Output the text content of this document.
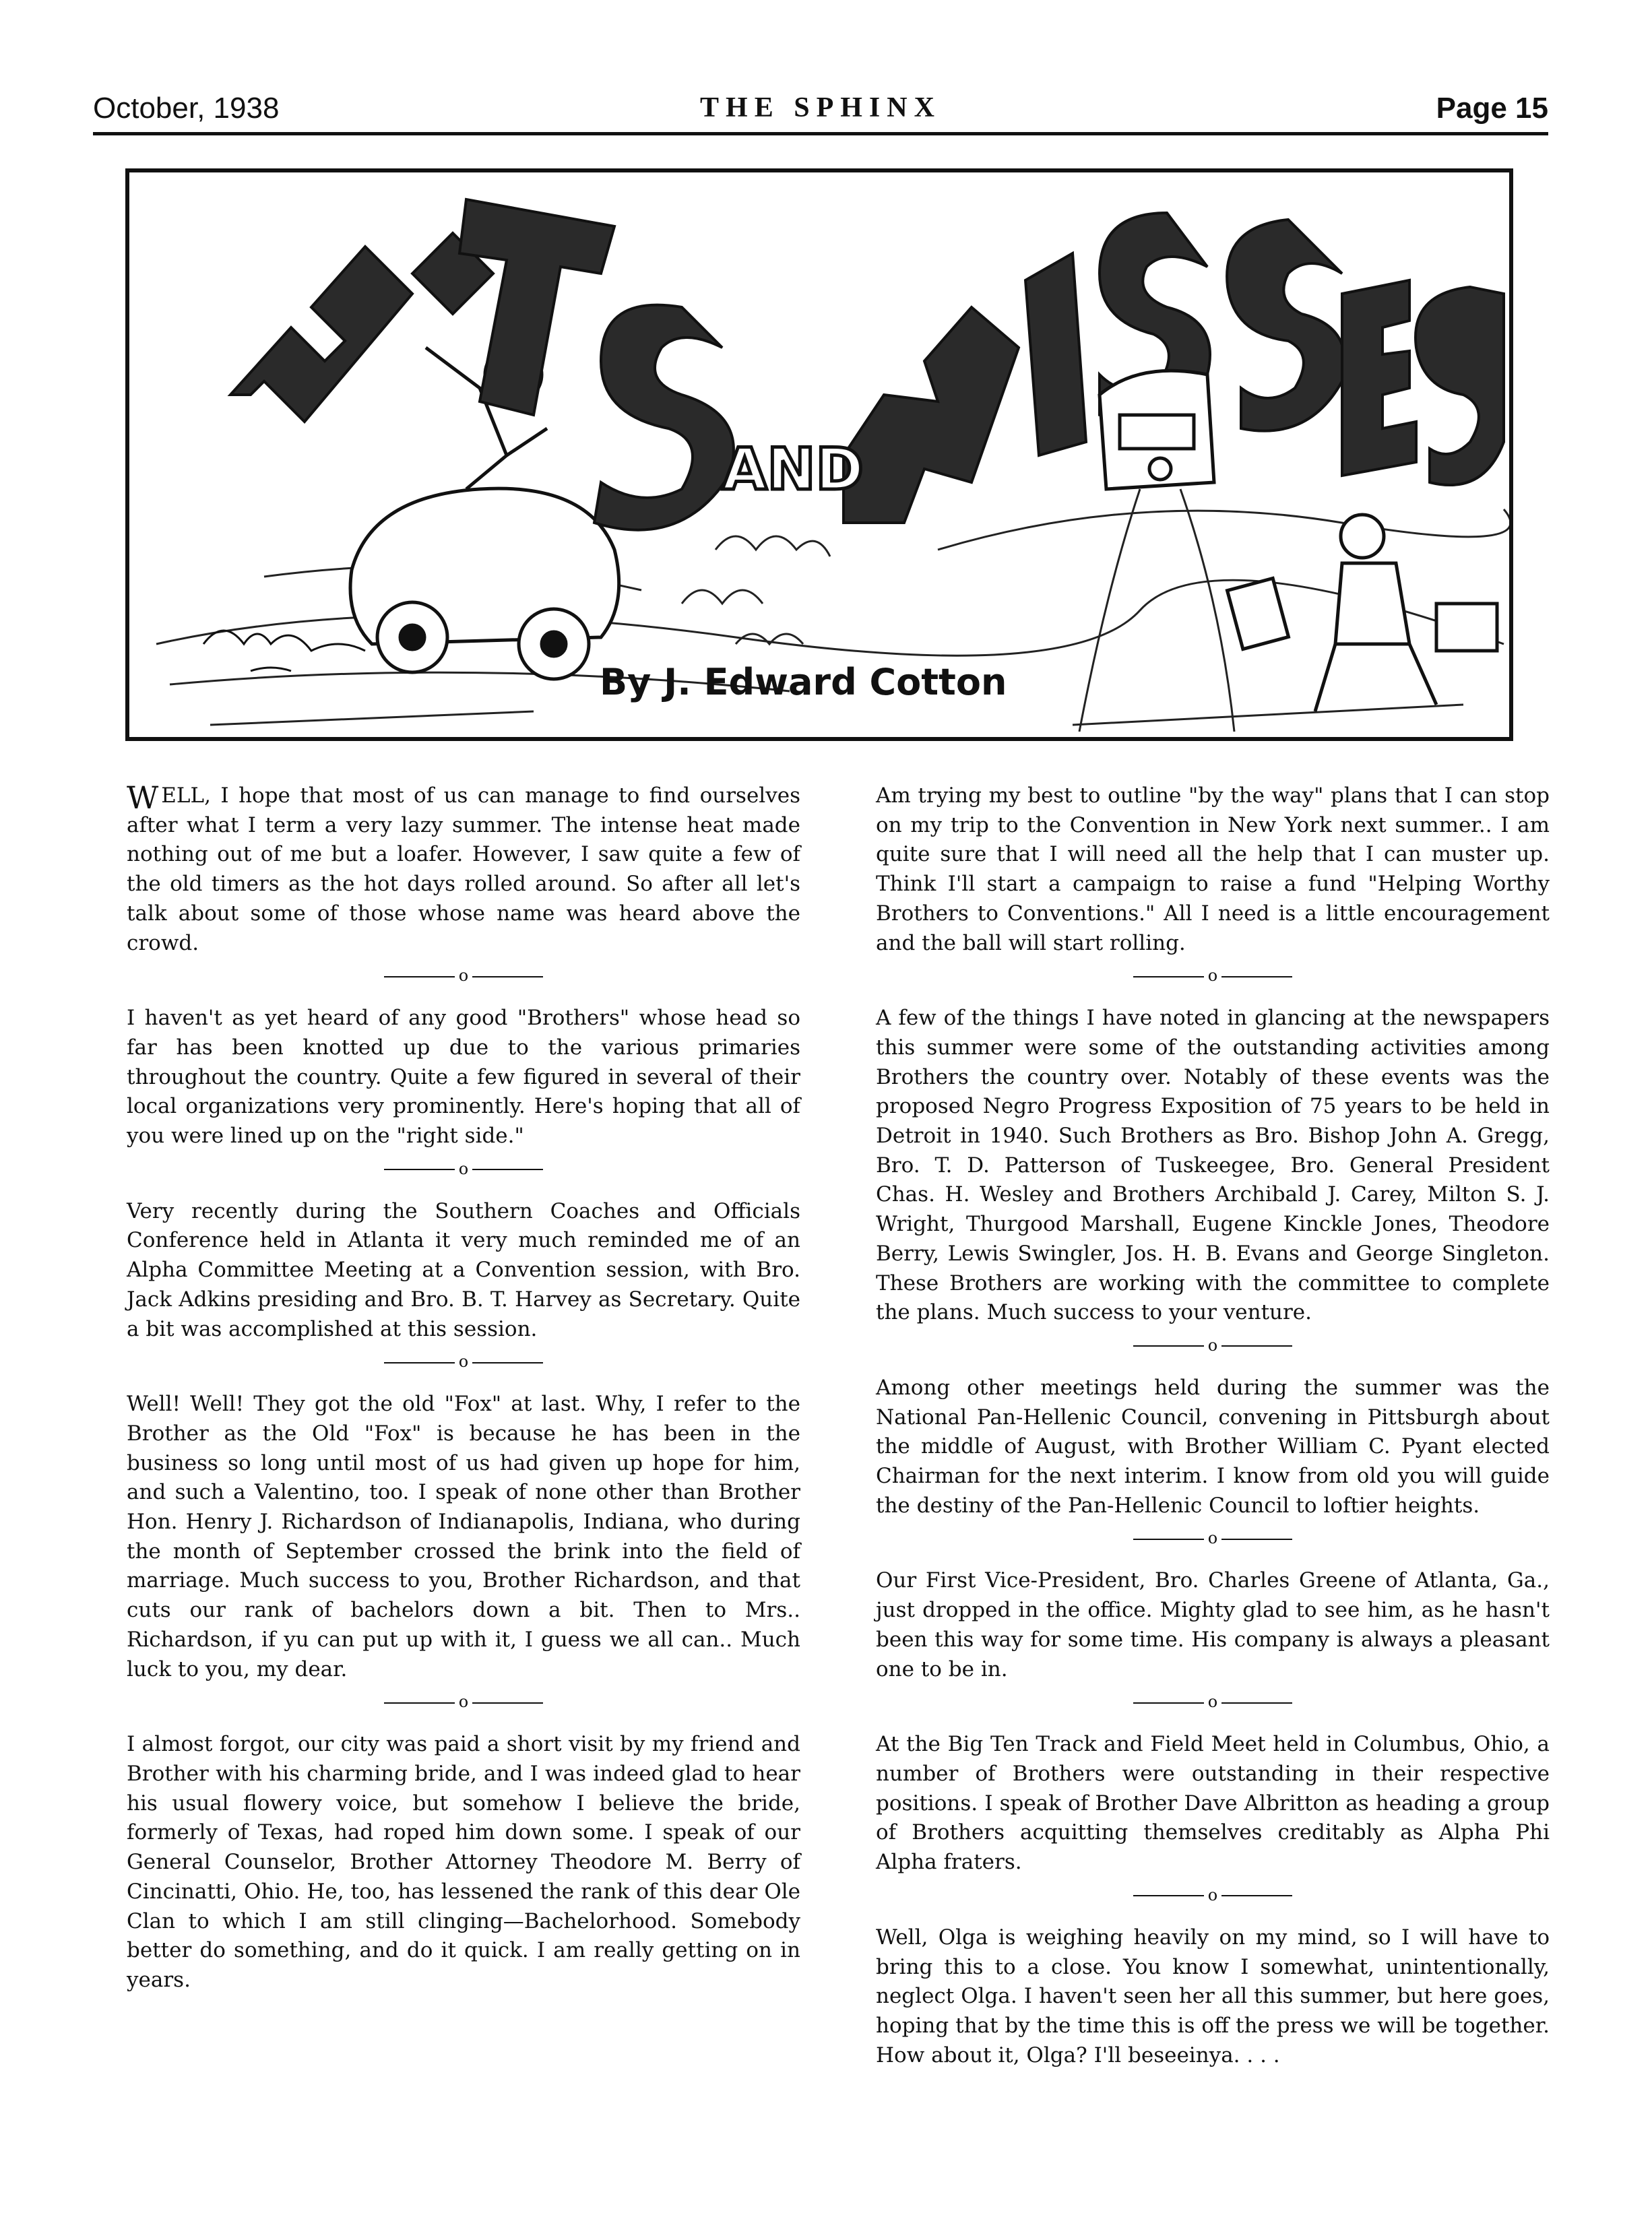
October, 1938	THE SPHINX	Page 15
AND
By J. Edward Cotton

W ELL, I hope that most of us can manage to find ourselves after what I term a very lazy summer. The intense heat made nothing out of me but a loafer. However, I saw quite a few of the old timers as the hot days rolled around. So after all let's talk about some of those whose name was heard above the crowd.

o

I haven't as yet heard of any good "Brothers" whose head so far has been knotted up due to the various primaries throughout the country. Quite a few figured in several of their local organizations very prominently. Here's hoping that all of you were lined up on the "right side."

o

Very recently during the Southern Coaches and Officials Conference held in Atlanta it very much reminded me of an Alpha Committee Meeting at a Convention session, with Bro. Jack Adkins presiding and Bro. B. T. Harvey as Secretary. Quite a bit was accomplished at this session.

o

Well! Well! They got the old "Fox" at last. Why, I refer to the Brother as the Old "Fox" is because he has been in the business so long until most of us had given up hope for him, and such a Valentino, too. I speak of none other than Brother Hon. Henry J. Richardson of Indianapolis, Indiana, who during the month of September crossed the brink into the field of marriage. Much success to you, Brother Richardson, and that cuts our rank of bachelors down a bit. Then to Mrs.. Richardson, if yu can put up with it, I guess we all can.. Much luck to you, my dear.

o

I almost forgot, our city was paid a short visit by my friend and Brother with his charming bride, and I was indeed glad to hear his usual flowery voice, but somehow I believe the bride, formerly of Texas, had roped him down some. I speak of our General Counselor, Brother Attorney Theodore M. Berry of Cincinatti, Ohio. He, too, has lessened the rank of this dear Ole Clan to which I am still clinging—Bachelorhood. Somebody better do something, and do it quick. I am really getting on in years.

Am trying my best to outline "by the way" plans that I can stop on my trip to the Convention in New York next summer.. I am quite sure that I will need all the help that I can muster up. Think I'll start a campaign to raise a fund "Helping Worthy Brothers to Conventions." All I need is a little encouragement and the ball will start rolling.

o

A few of the things I have noted in glancing at the newspapers this summer were some of the outstanding activities among Brothers the country over. Notably of these events was the proposed Negro Progress Exposition of 75 years to be held in Detroit in 1940. Such Brothers as Bro. Bishop John A. Gregg, Bro. T. D. Patterson of Tuskeegee, Bro. General President Chas. H. Wesley and Brothers Archibald J. Carey, Milton S. J. Wright, Thurgood Marshall, Eugene Kinckle Jones, Theodore Berry, Lewis Swingler, Jos. H. B. Evans and George Singleton. These Brothers are working with the committee to complete the plans. Much success to your venture.

o

Among other meetings held during the summer was the National Pan-Hellenic Council, convening in Pittsburgh about the middle of August, with Brother William C. Pyant elected Chairman for the next interim. I know from old you will guide the destiny of the Pan-Hellenic Council to loftier heights.

o

Our First Vice-President, Bro. Charles Greene of Atlanta, Ga., just dropped in the office. Mighty glad to see him, as he hasn't been this way for some time. His company is always a pleasant one to be in.

o

At the Big Ten Track and Field Meet held in Columbus, Ohio, a number of Brothers were outstanding in their respective positions. I speak of Brother Dave Albritton as heading a group of Brothers acquitting themselves creditably as Alpha Phi Alpha fraters.

o

Well, Olga is weighing heavily on my mind, so I will have to bring this to a close. You know I somewhat, unintentionally, neglect Olga. I haven't seen her all this summer, but here goes, hoping that by the time this is off the press we will be together. How about it, Olga? I'll beseeinya. . . .
